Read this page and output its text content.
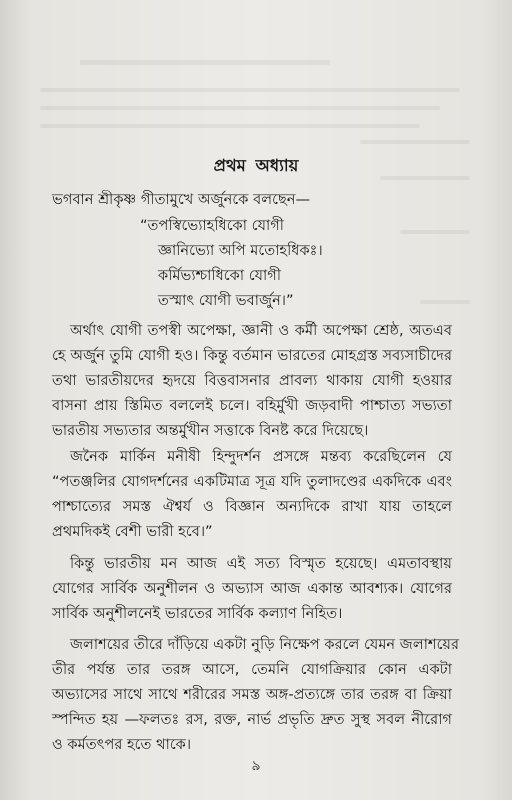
প্রথম অধ্যায়
ভগবান শ্রীকৃষ্ণ গীতামুখে অর্জুনকে বলছেন—
“তপস্বিভ্যোহধিকো যোগী
জ্ঞানিভ্যো অপি মতোহধিকঃ।
কর্মিভ্যশ্চাধিকো যোগী
তস্মাৎ যোগী ভবার্জুন।”
অর্থাৎ যোগী তপস্বী অপেক্ষা, জ্ঞানী ও কর্মী অপেক্ষা শ্রেষ্ঠ, অতএব
হে অর্জুন তুমি যোগী হও। কিন্তু বর্তমান ভারতের মোহগ্রস্ত সব্যসাচীদের
তথা ভারতীয়দের হৃদয়ে বিত্তবাসনার প্রাবল্য থাকায় যোগী হওয়ার
বাসনা প্রায় স্তিমিত বললেই চলে। বহির্মুখী জড়বাদী পাশ্চাত্য সভ্যতা
ভারতীয় সভ্যতার অন্তর্মুখীন সত্তাকে বিনষ্ট করে দিয়েছে।
জনৈক মার্কিন মনীষী হিন্দুদর্শন প্রসঙ্গে মন্তব্য করেছিলেন যে
“পতঞ্জলির যোগদর্শনের একটিমাত্র সূত্র যদি তুলাদণ্ডের একদিকে এবং
পাশ্চাত্যের সমস্ত ঐশ্বর্য ও বিজ্ঞান অন্যদিকে রাখা যায় তাহলে
প্রথমদিকই বেশী ভারী হবে।”
কিন্তু ভারতীয় মন আজ এই সত্য বিস্মৃত হয়েছে। এমতাবস্থায়
যোগের সার্বিক অনুশীলন ও অভ্যাস আজ একান্ত আবশ্যক। যোগের
সার্বিক অনুশীলনেই ভারতের সার্বিক কল্যাণ নিহিত।
জলাশয়ের তীরে দাঁড়িয়ে একটা নুড়ি নিক্ষেপ করলে যেমন জলাশয়ের
তীর পর্যন্ত তার তরঙ্গ আসে, তেমনি যোগক্রিয়ার কোন একটা
অভ্যাসের সাথে সাথে শরীরের সমস্ত অঙ্গ-প্রত্যঙ্গে তার তরঙ্গ বা ক্রিয়া
স্পন্দিত হয় —ফলতঃ রস, রক্ত, নার্ভ প্রভৃতি দ্রুত সুস্থ সবল নীরোগ
ও কর্মতৎপর হতে থাকে।
৯
